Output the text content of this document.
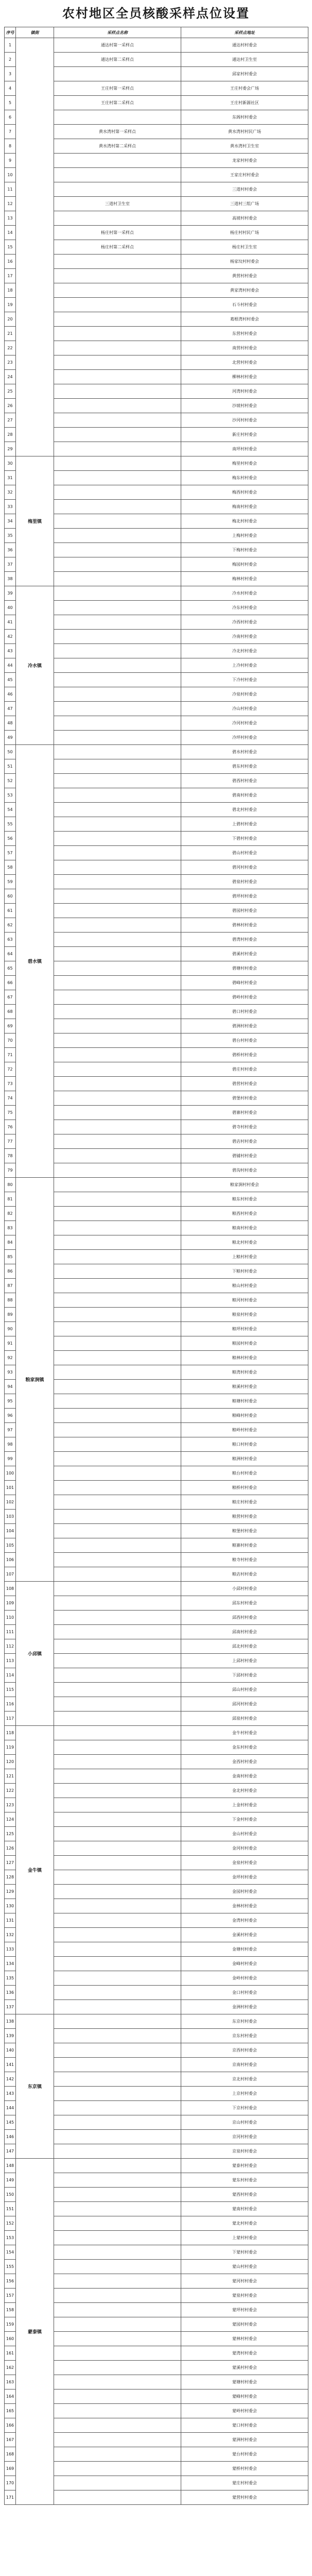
农村地区全员核酸采样点位设置
序号	镇街	采样点名称	采样点地址
1		通达村第一采样点	通达村村委会
2		通达村第二采样点	通达村卫生室
3			邱家村村委会
4		王庄村第一采样点	王庄村委会广场
5		王庄村第二采样点	王庄村新源社区
6			东阁村村委会
7		黄水湾村第一采样点	黄水湾村村民广场
8		黄水湾村第二采样点	黄水湾村卫生室
9			龙家村村委会
10			王家庄村村委会
11			三道村村委会
12		三道村卫生室	三道村三组广场
13			高坡村村委会
14		杨庄村第一采样点	杨庄村村民广场
15		杨庄村第二采样点	杨庄村卫生室
16			杨家坟村村委会
17			黄营村村委会
18			黄家湾村村委会
19			石斗村村委会
20			葛根湾村村委会
21			东营村村委会
22			南营村村委会
23			北营村村委会
24			柳林村村委会
25			河湾村村委会
26			沙坡村村委会
27			沙河村村委会
28			新庄村村委会
29			南坪村村委会
30	梅里镇		梅里村村委会
31			梅东村村委会
32			梅西村村委会
33			梅南村村委会
34			梅北村村委会
35			上梅村村委会
36			下梅村村委会
37			梅园村村委会
38			梅林村村委会
39	冷水镇		冷水村村委会
40			冷东村村委会
41			冷西村村委会
42			冷南村村委会
43			冷北村村委会
44			上冷村村委会
45			下冷村村委会
46			冷泉村村委会
47			冷山村村委会
48			冷河村村委会
49			冷坪村村委会
50	碧水镇		碧水村村委会
51			碧东村村委会
52			碧西村村委会
53			碧南村村委会
54			碧北村村委会
55			上碧村村委会
56			下碧村村委会
57			碧山村村委会
58			碧河村村委会
59			碧泉村村委会
60			碧坪村村委会
61			碧园村村委会
62			碧林村村委会
63			碧湾村村委会
64			碧溪村村委会
65			碧塘村村委会
66			碧峰村村委会
67			碧岭村村委会
68			碧口村村委会
69			碧洲村村委会
70			碧台村村委会
71			碧桥村村委会
72			碧庄村村委会
73			碧营村村委会
74			碧堡村村委会
75			碧寨村村委会
76			碧寺村村委会
77			碧店村村委会
78			碧铺村村委会
79			碧沟村村委会
80	粮家涧镇		粮家涧村村委会
81			粮东村村委会
82			粮西村村委会
83			粮南村村委会
84			粮北村村委会
85			上粮村村委会
86			下粮村村委会
87			粮山村村委会
88			粮河村村委会
89			粮泉村村委会
90			粮坪村村委会
91			粮园村村委会
92			粮林村村委会
93			粮湾村村委会
94			粮溪村村委会
95			粮塘村村委会
96			粮峰村村委会
97			粮岭村村委会
98			粮口村村委会
99			粮洲村村委会
100			粮台村村委会
101			粮桥村村委会
102			粮庄村村委会
103			粮营村村委会
104			粮堡村村委会
105			粮寨村村委会
106			粮寺村村委会
107			粮店村村委会
108	小邱镇		小邱村村委会
109			邱东村村委会
110			邱西村村委会
111			邱南村村委会
112			邱北村村委会
113			上邱村村委会
114			下邱村村委会
115			邱山村村委会
116			邱河村村委会
117			邱泉村村委会
118	金牛镇		金牛村村委会
119			金东村村委会
120			金西村村委会
121			金南村村委会
122			金北村村委会
123			上金村村委会
124			下金村村委会
125			金山村村委会
126			金河村村委会
127			金泉村村委会
128			金坪村村委会
129			金园村村委会
130			金林村村委会
131			金湾村村委会
132			金溪村村委会
133			金塘村村委会
134			金峰村村委会
135			金岭村村委会
136			金口村村委会
137			金洲村村委会
138	东京镇		东京村村委会
139			京东村村委会
140			京西村村委会
141			京南村村委会
142			京北村村委会
143			上京村村委会
144			下京村村委会
145			京山村村委会
146			京河村村委会
147			京泉村村委会
148	蒙泰镇		蒙泰村村委会
149			蒙东村村委会
150			蒙西村村委会
151			蒙南村村委会
152			蒙北村村委会
153			上蒙村村委会
154			下蒙村村委会
155			蒙山村村委会
156			蒙河村村委会
157			蒙泉村村委会
158			蒙坪村村委会
159			蒙园村村委会
160			蒙林村村委会
161			蒙湾村村委会
162			蒙溪村村委会
163			蒙塘村村委会
164			蒙峰村村委会
165			蒙岭村村委会
166			蒙口村村委会
167			蒙洲村村委会
168			蒙台村村委会
169			蒙桥村村委会
170			蒙庄村村委会
171			蒙营村村委会
